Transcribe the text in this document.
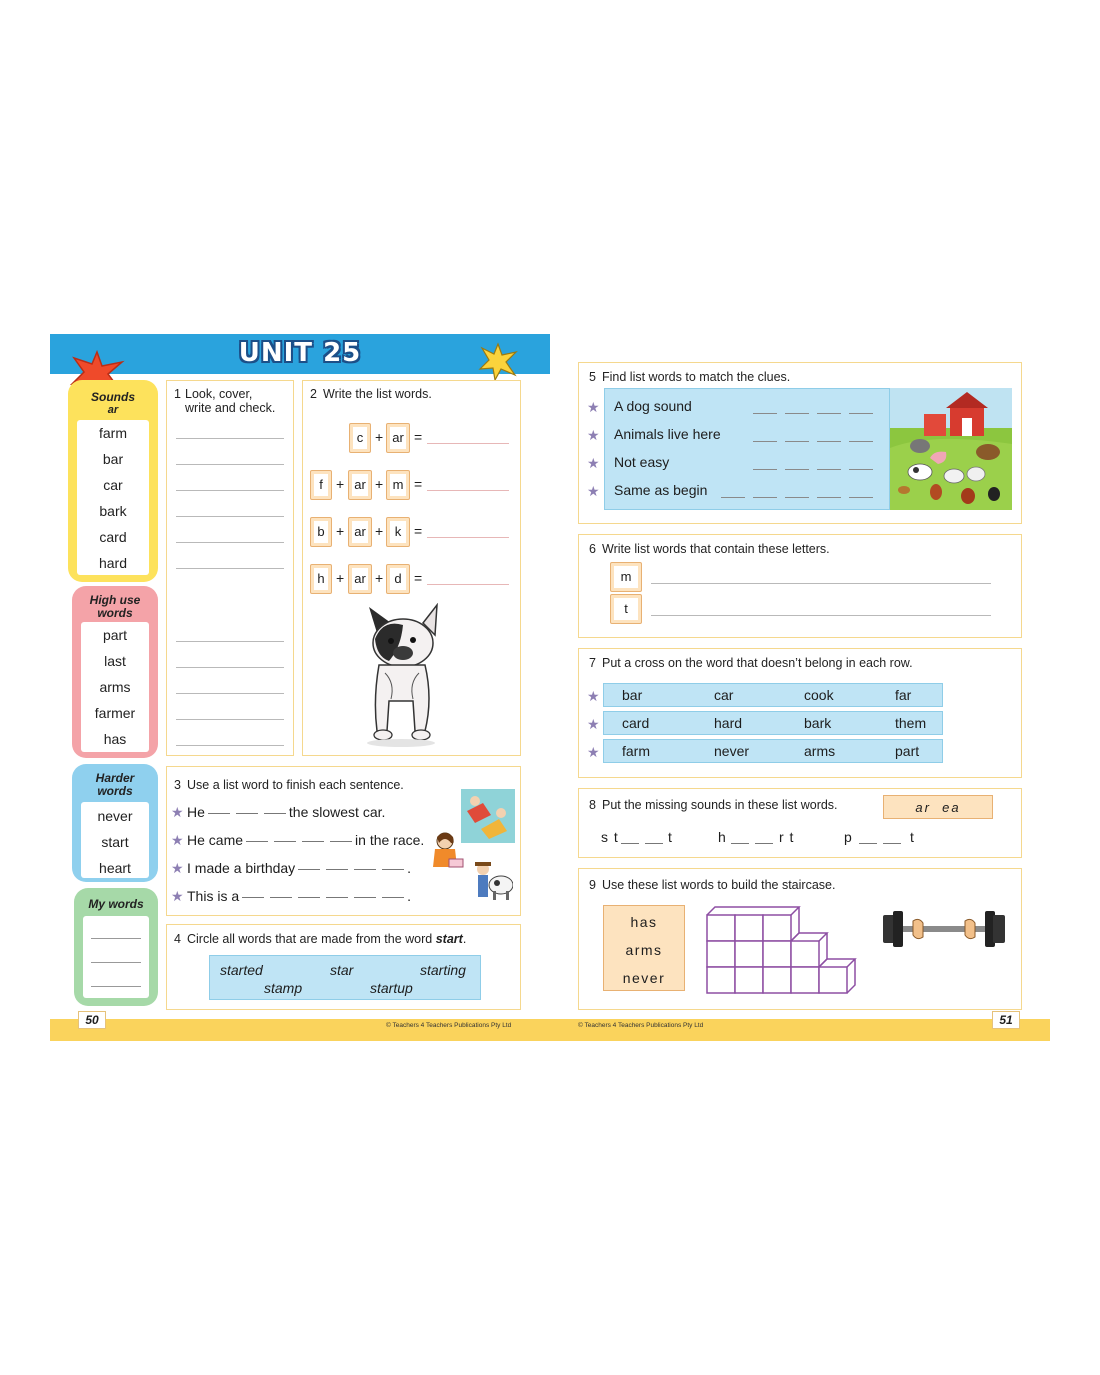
UNIT 25
Sounds
ar
farm
bar
car
bark
card
hard
High use
words
part
last
arms
farmer
has
Harder
words
never
start
heart
My words
1 Look, cover,
write and check.
2 Write the list words.
c + ar =
f + ar + m =
b + ar + k =
h + ar + d =
3 Use a list word to finish each sentence.
★ He	the slowest car.
★ He came	in the race.
★ I made a birthday	.
★ This is a	.
4 Circle all words that are made from the word start.
started	star	starting
stamp	startup
5 Find list words to match the clues.
★ A dog sound
★ Animals live here
★ Not easy
★ Same as begin
6 Write list words that contain these letters.
m
t
7 Put a cross on the word that doesn’t belong in each row.
★ bar	car	cook	far
★ card	hard	bark	them
★ farm	never	arms	part
8 Put the missing sounds in these list words.	ar  ea
s t	t	h	r t	p	t
9 Use these list words to build the staircase.
has
arms
never
50	51
© Teachers 4 Teachers Publications Pty Ltd	© Teachers 4 Teachers Publications Pty Ltd
